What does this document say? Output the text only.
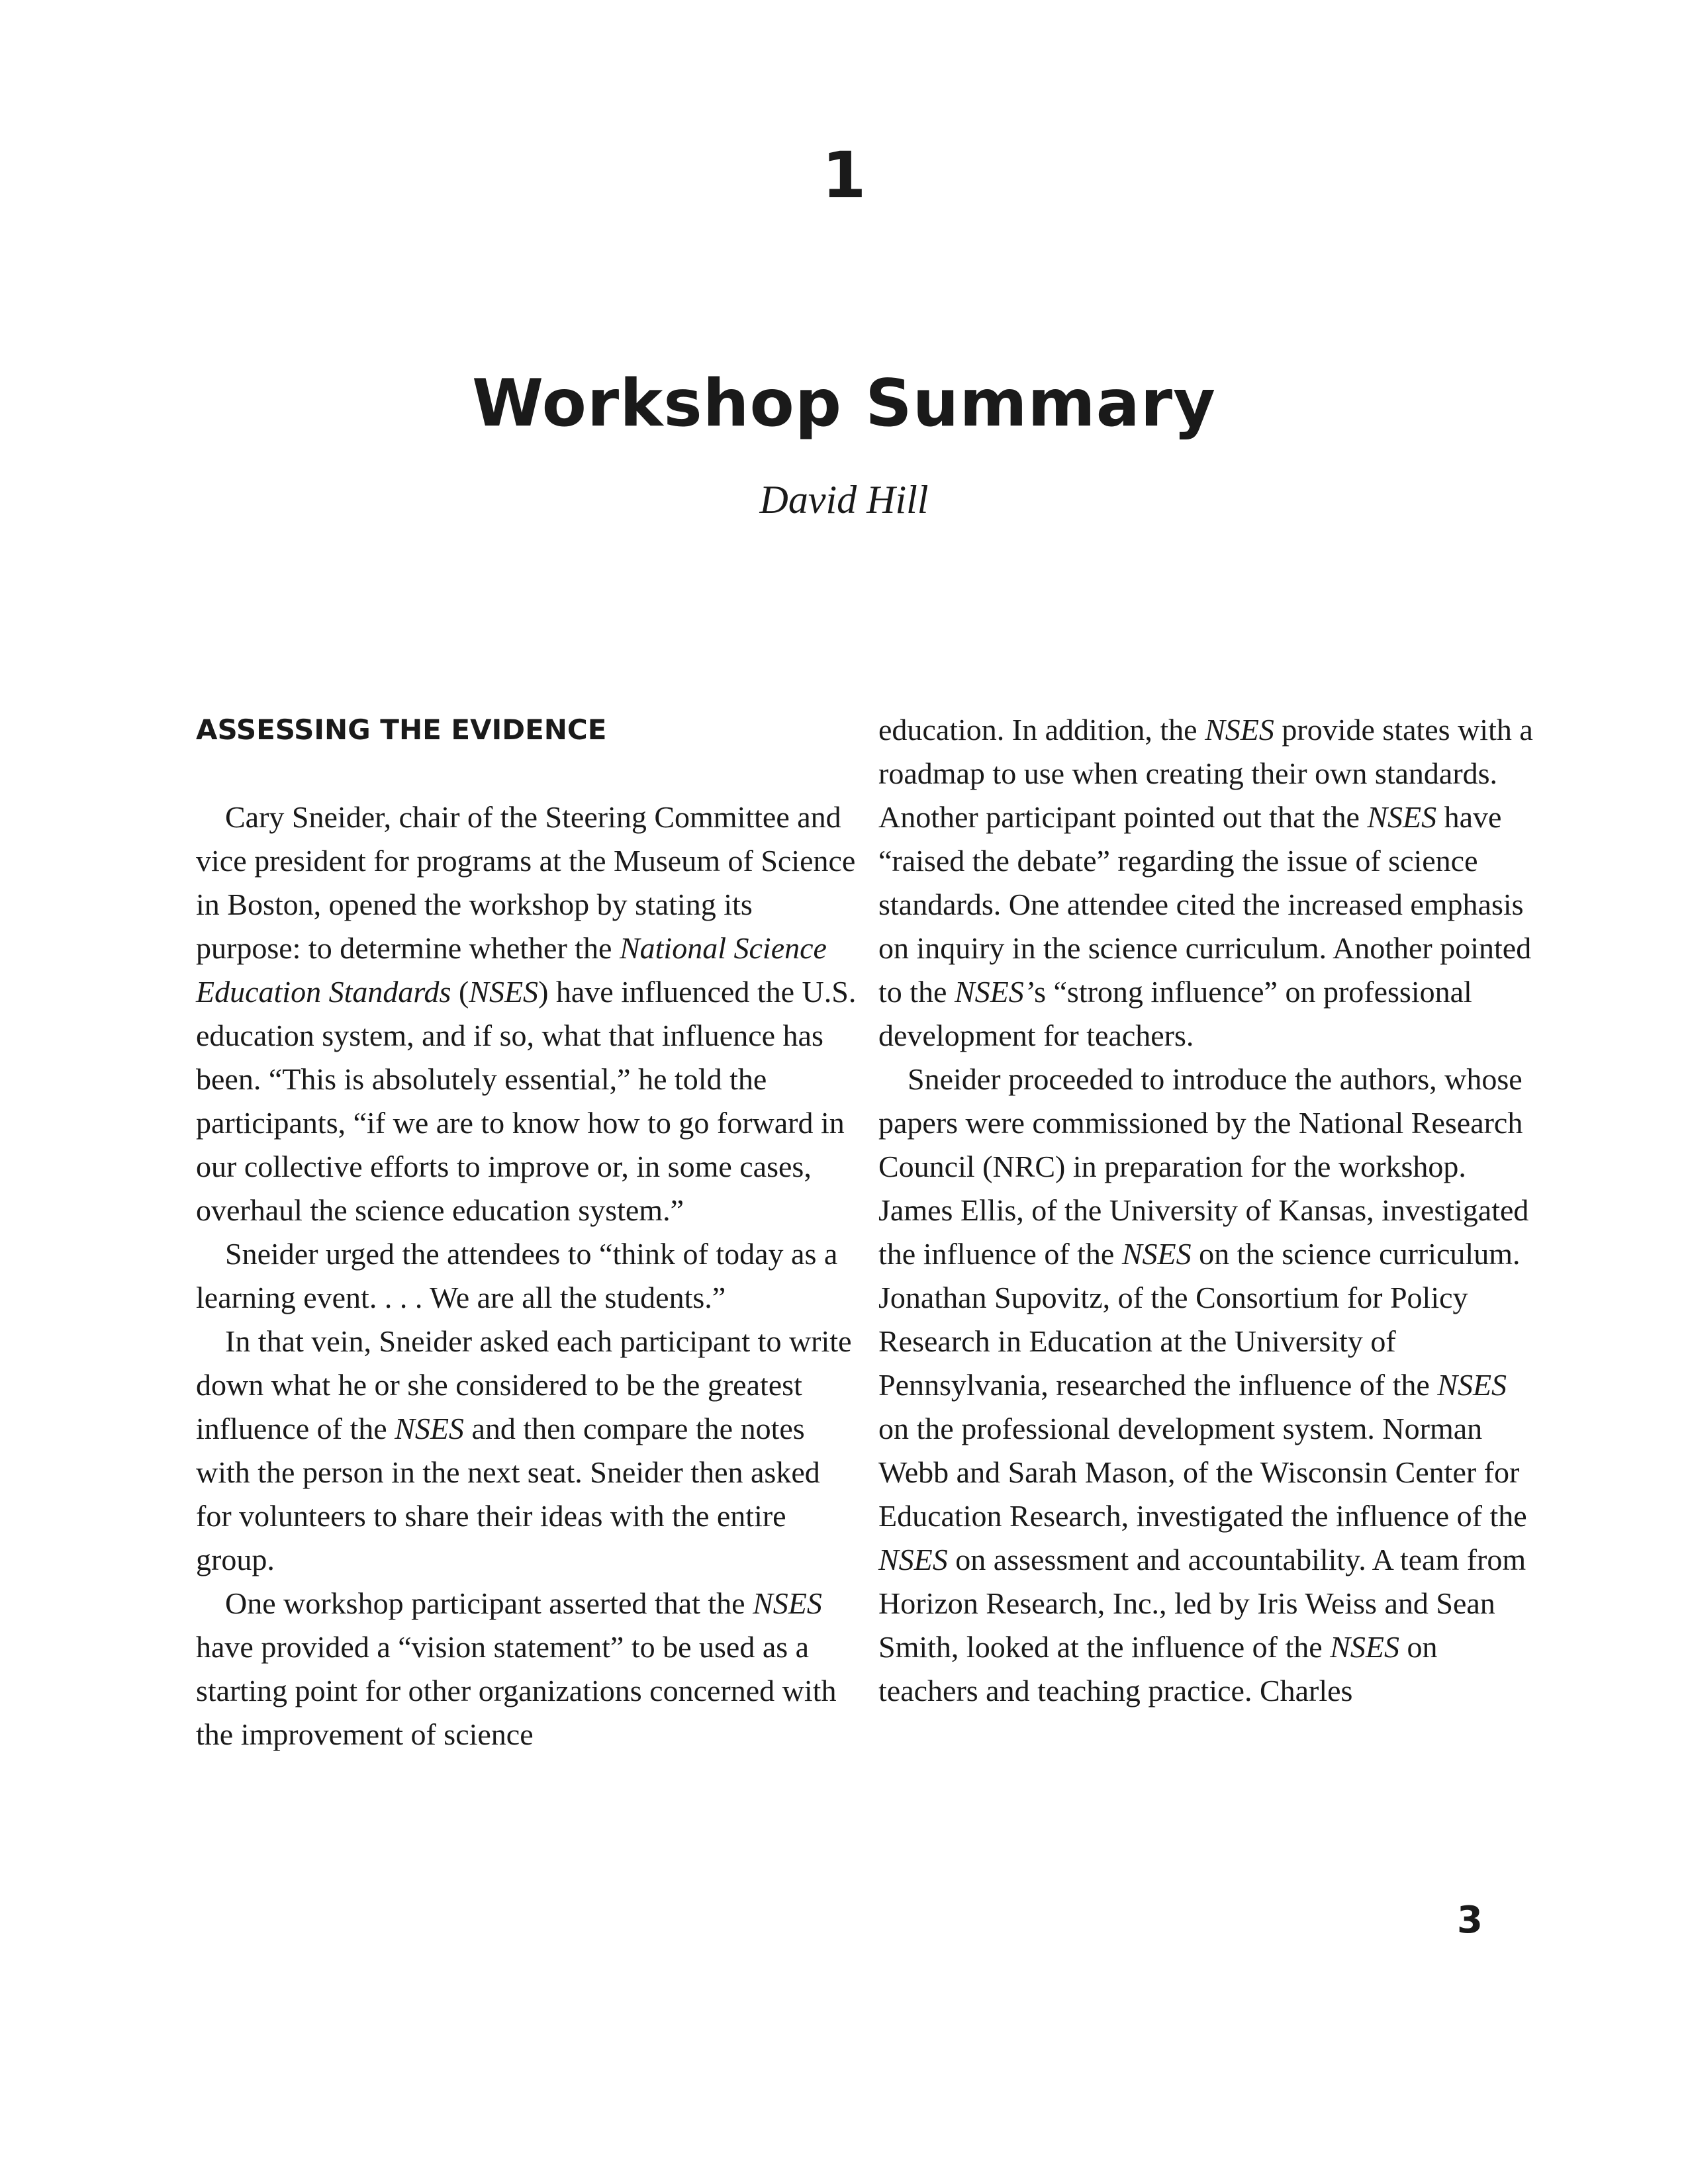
1
Workshop Summary
David Hill
ASSESSING THE EVIDENCE

Cary Sneider, chair of the Steering Committee and vice president for programs at the Museum of Science in Boston, opened the workshop by stating its purpose: to determine whether the National Science Education Standards (NSES) have influenced the U.S. education system, and if so, what that influence has been. “This is absolutely essential,” he told the participants, “if we are to know how to go forward in our collective efforts to improve or, in some cases, overhaul the science education system.”

Sneider urged the attendees to “think of today as a learning event. . . . We are all the students.”

In that vein, Sneider asked each participant to write down what he or she considered to be the greatest influence of the NSES and then compare the notes with the person in the next seat. Sneider then asked for volunteers to share their ideas with the entire group.

One workshop participant asserted that the NSES have provided a “vision statement” to be used as a starting point for other organizations concerned with the improvement of science

education. In addition, the NSES provide states with a roadmap to use when creating their own standards. Another participant pointed out that the NSES have “raised the debate” regarding the issue of science standards. One attendee cited the increased emphasis on inquiry in the science curriculum. Another pointed to the NSES’s “strong influence” on professional development for teachers.

Sneider proceeded to introduce the authors, whose papers were commissioned by the National Research Council (NRC) in preparation for the workshop. James Ellis, of the University of Kansas, investigated the influence of the NSES on the science curriculum. Jonathan Supovitz, of the Consortium for Policy Research in Education at the University of Pennsylvania, researched the influence of the NSES on the professional development system. Norman Webb and Sarah Mason, of the Wisconsin Center for Education Research, investigated the influence of the NSES on assessment and accountability. A team from Horizon Research, Inc., led by Iris Weiss and Sean Smith, looked at the influence of the NSES on teachers and teaching practice. Charles

3
